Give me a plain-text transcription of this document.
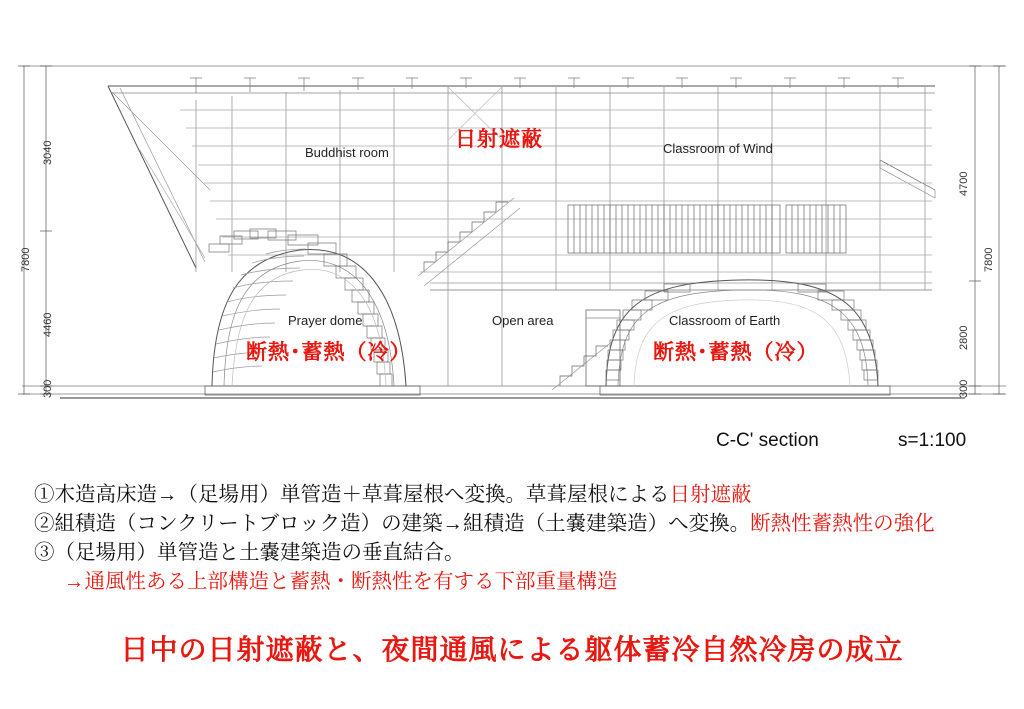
Buddhist room	Classroom of Wind
Prayer dome	Open area	Classroom of Earth
日射遮蔽
断熱･蓄熱（冷）	断熱･蓄熱（冷）
3040
7800
4460
300
4700
7800
2800
300
C-C' section	s=1:100
①木造高床造→（足場用）単管造＋草葺屋根へ変換。草葺屋根による日射遮蔽
②組積造（コンクリートブロック造）の建築→組積造（土嚢建築造）へ変換。断熱性蓄熱性の強化
③（足場用）単管造と土嚢建築造の垂直結合。
→通風性ある上部構造と蓄熱・断熱性を有する下部重量構造
日中の日射遮蔽と、夜間通風による躯体蓄冷自然冷房の成立
